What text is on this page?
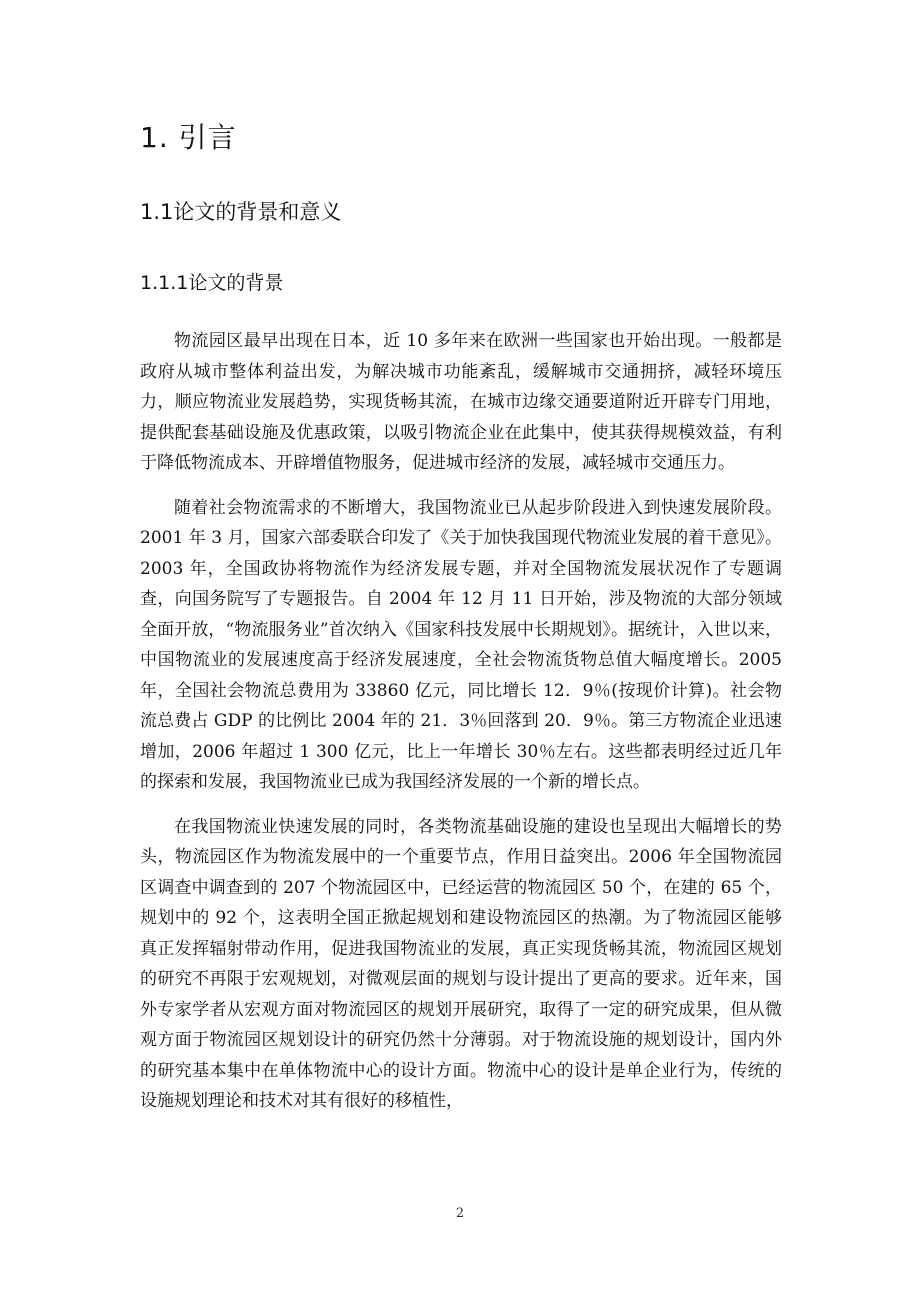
1. 引言
1.1论文的背景和意义
1.1.1论文的背景

物流园区最早出现在日本，近 10 多年来在欧洲一些国家也开始出现。一般都是政府从城市整体利益出发，为解决城市功能紊乱，缓解城市交通拥挤，减轻环境压力，顺应物流业发展趋势，实现货畅其流，在城市边缘交通要道附近开辟专门用地，提供配套基础设施及优惠政策，以吸引物流企业在此集中，使其获得规模效益，有利于降低物流成本、开辟增值物服务，促进城市经济的发展，减轻城市交通压力。

随着社会物流需求的不断增大，我国物流业已从起步阶段进入到快速发展阶段。2001 年 3 月，国家六部委联合印发了《关于加快我国现代物流业发展的着干意见》。2003 年，全国政协将物流作为经济发展专题，并对全国物流发展状况作了专题调查，向国务院写了专题报告。自 2004 年 12 月 11 日开始，涉及物流的大部分领域全面开放，“物流服务业”首次纳入《国家科技发展中长期规划》。据统计，入世以来，中国物流业的发展速度高于经济发展速度，全社会物流货物总值大幅度增长。2005 年，全国社会物流总费用为 33860 亿元，同比增长 12．9％(按现价计算)。社会物流总费占 GDP 的比例比 2004 年的 21．3％回落到 20．9％。第三方物流企业迅速增加，2006 年超过 1 300 亿元，比上一年增长 30％左右。这些都表明经过近几年的探索和发展，我国物流业已成为我国经济发展的一个新的增长点。

在我国物流业快速发展的同时，各类物流基础设施的建设也呈现出大幅增长的势头，物流园区作为物流发展中的一个重要节点，作用日益突出。2006 年全国物流园区调查中调查到的 207 个物流园区中，已经运营的物流园区 50 个，在建的 65 个，规划中的 92 个，这表明全国正掀起规划和建设物流园区的热潮。为了物流园区能够真正发挥辐射带动作用，促进我国物流业的发展，真正实现货畅其流，物流园区规划的研究不再限于宏观规划，对微观层面的规划与设计提出了更高的要求。近年来，国外专家学者从宏观方面对物流园区的规划开展研究，取得了一定的研究成果，但从微观方面于物流园区规划设计的研究仍然十分薄弱。对于物流设施的规划设计，国内外的研究基本集中在单体物流中心的设计方面。物流中心的设计是单企业行为，传统的设施规划理论和技术对其有很好的移植性，

2
